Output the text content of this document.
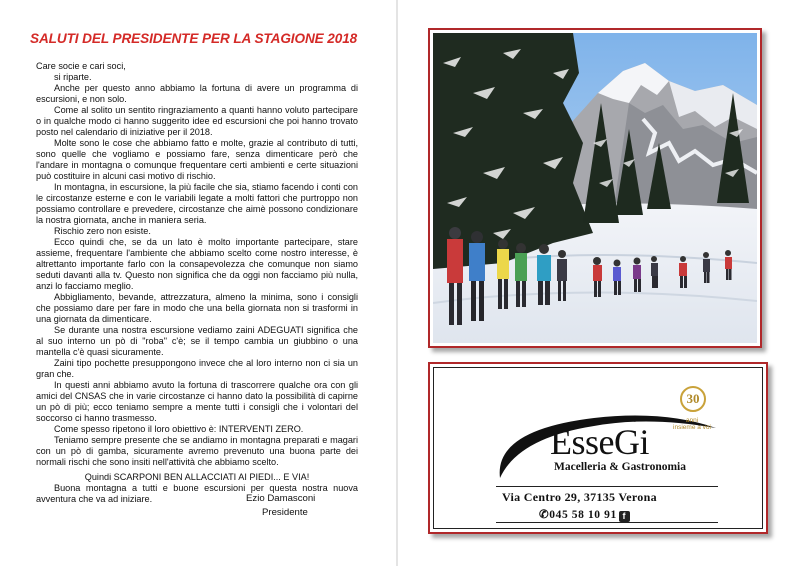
SALUTI DEL PRESIDENTE PER LA STAGIONE 2018

Care socie e cari soci,

si riparte.

Anche per questo anno abbiamo la fortuna di avere un programma di escursioni, e non solo.

Come al solito un sentito ringraziamento a quanti hanno voluto partecipare o in qualche modo ci hanno suggerito idee ed escursioni che poi hanno trovato posto nel calendario di iniziative per il 2018.

Molte sono le cose che abbiamo fatto e molte, grazie al contributo di tutti, sono quelle che vogliamo e possiamo fare, senza dimenticare però che l'andare in montagna o comunque frequentare certi ambienti e certe situazioni può costituire in alcuni casi motivo di rischio.

In montagna, in escursione, la più facile che sia, stiamo facendo i conti con le circostanze esterne e con le variabili legate a molti fattori che purtroppo non possiamo controllare e prevedere, circostanze che aimè possono condizionare la nostra giornata, anche in maniera seria.

Rischio zero non esiste.

Ecco quindi che, se da un lato è molto importante partecipare, stare assieme, frequentare l'ambiente che abbiamo scelto come nostro interesse, è altrettanto importante farlo con la consapevolezza che comunque non siamo seduti davanti alla tv. Questo non significa che da oggi non facciamo più nulla, anzi lo facciamo meglio.

Abbigliamento, bevande, attrezzatura, almeno la minima, sono i consigli che possiamo dare per fare in modo che una bella giornata non si trasformi in una giornata da dimenticare.

Se durante una nostra escursione vediamo zaini ADEGUATI significa che al suo interno un pò di "roba" c'è; se il tempo cambia un giubbino o una mantella c'è quasi sicuramente.

Zaini tipo pochette presuppongono invece che al loro interno non ci sia un gran che.

In questi anni abbiamo avuto la fortuna di trascorrere qualche ora con gli amici del CNSAS che in varie circostanze ci hanno dato la possibilità di capirne un pò di più; ecco teniamo sempre a mente tutti i consigli che i volontari del soccorso ci hanno trasmesso.

Come spesso ripetono il loro obiettivo è: INTERVENTI ZERO.

Teniamo sempre presente che se andiamo in montagna preparati e magari con un pò di gamba, sicuramente avremo prevenuto una buona parte dei normali rischi che sono insiti nell'attività che abbiamo scelto.

Quindi SCARPONI BEN ALLACCIATI AI PIEDI... E VIA!

Buona montagna a tutti e buone escursioni per questa nostra nuova avventura che va ad iniziare.	Ezio Damasconi
Presidente
30
anni
insieme a voi
EsseGi
Macelleria & Gastronomia
Via Centro 29, 37135 Verona
✆045 58 10 91 f
